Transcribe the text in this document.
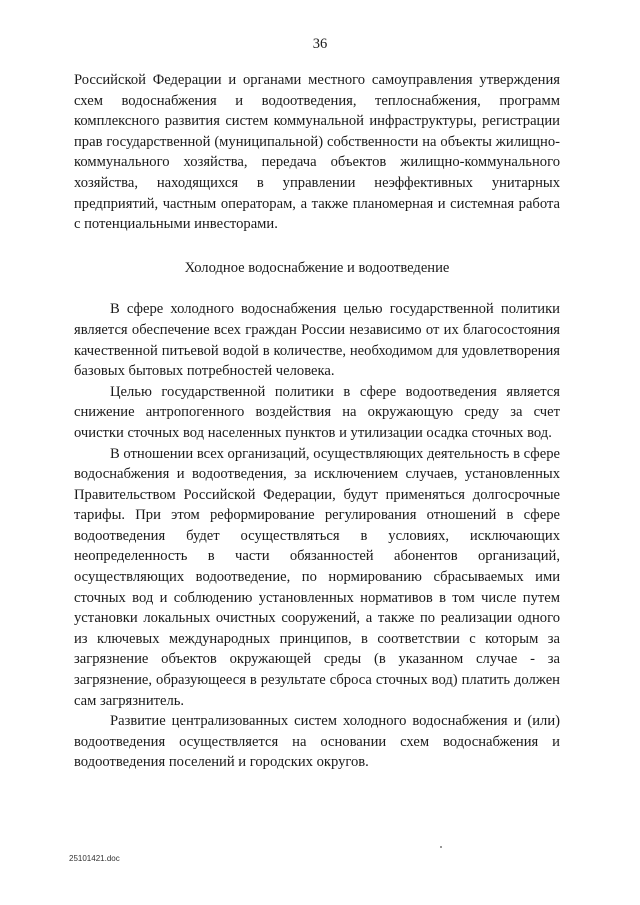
36

Российской Федерации и органами местного самоуправления утверждения схем водоснабжения и водоотведения, теплоснабжения, программ комплексного развития систем коммунальной инфраструктуры, регистрации прав государственной (муниципальной) собственности на объекты жилищно-коммунального хозяйства, передача объектов жилищно-коммунального хозяйства, находящихся в управлении неэффективных унитарных предприятий, частным операторам, а также планомерная и системная работа с потенциальными инвесторами.

Холодное водоснабжение и водоотведение

В сфере холодного водоснабжения целью государственной политики является обеспечение всех граждан России независимо от их благосостояния качественной питьевой водой в количестве, необходимом для удовлетворения базовых бытовых потребностей человека.

Целью государственной политики в сфере водоотведения является снижение антропогенного воздействия на окружающую среду за счет очистки сточных вод населенных пунктов и утилизации осадка сточных вод.

В отношении всех организаций, осуществляющих деятельность в сфере водоснабжения и водоотведения, за исключением случаев, установленных Правительством Российской Федерации, будут применяться долгосрочные тарифы. При этом реформирование регулирования отношений в сфере водоотведения будет осуществляться в условиях, исключающих неопределенность в части обязанностей абонентов организаций, осуществляющих водоотведение, по нормированию сбрасываемых ими сточных вод и соблюдению установленных нормативов в том числе путем установки локальных очистных сооружений, а также по реализации одного из ключевых международных принципов, в соответствии с которым за загрязнение объектов окружающей среды (в указанном случае - за загрязнение, образующееся в результате сброса сточных вод) платить должен сам загрязнитель.

Развитие централизованных систем холодного водоснабжения и (или) водоотведения осуществляется на основании схем водоснабжения и водоотведения поселений и городских округов.

25101421.doc
